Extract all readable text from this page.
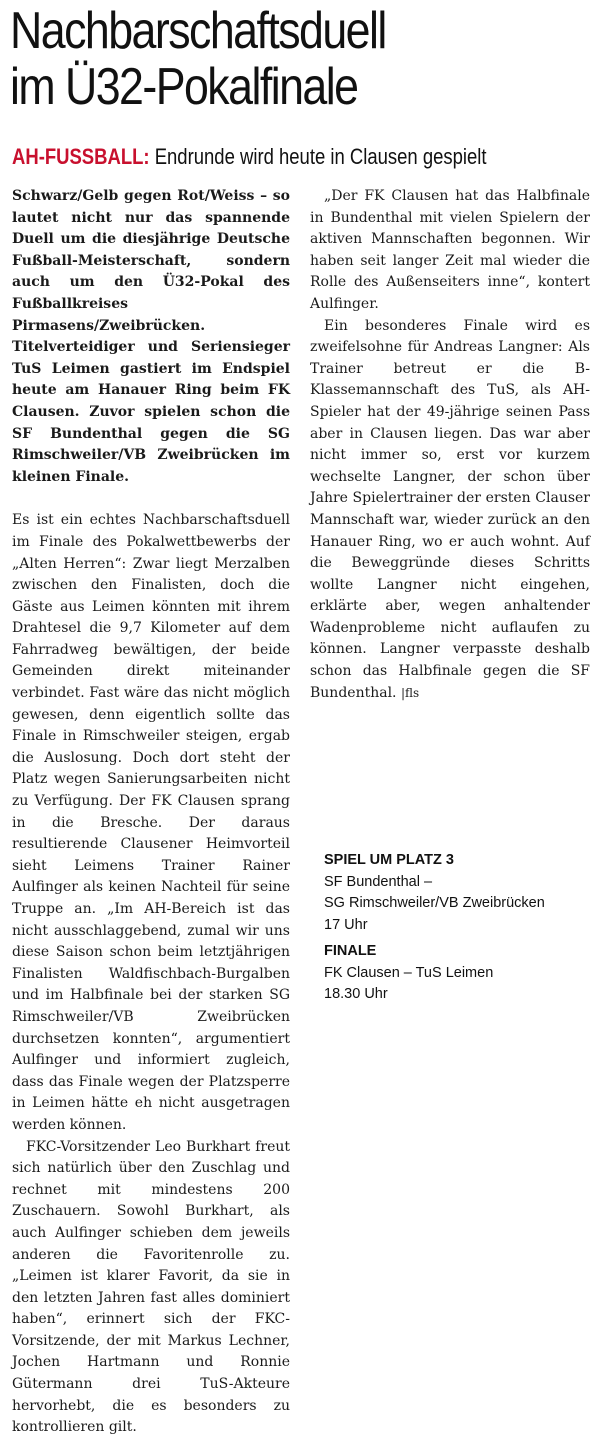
Nachbarschaftsduell
im Ü32-Pokalfinale
AH-FUSSBALL: Endrunde wird heute in Clausen gespielt

Schwarz/Gelb gegen Rot/Weiss – so lautet nicht nur das spannende Duell um die diesjährige Deutsche Fußball-Meisterschaft, sondern auch um den Ü32-Pokal des Fußballkreises Pirmasens/Zweibrücken. Titelverteidiger und Seriensieger TuS Leimen gastiert im Endspiel heute am Hanauer Ring beim FK Clausen. Zuvor spielen schon die SF Bundenthal gegen die SG Rimschweiler/VB Zweibrücken im kleinen Finale.

Es ist ein echtes Nachbarschaftsduell im Finale des Pokalwettbewerbs der „Alten Herren“: Zwar liegt Merzalben zwischen den Finalisten, doch die Gäste aus Leimen könnten mit ihrem Drahtesel die 9,7 Kilometer auf dem Fahrradweg bewältigen, der beide Gemeinden direkt miteinander verbindet. Fast wäre das nicht möglich gewesen, denn eigentlich sollte das Finale in Rimschweiler steigen, ergab die Auslosung. Doch dort steht der Platz wegen Sanierungsarbeiten nicht zu Verfügung. Der FK Clausen sprang in die Bresche. Der daraus resultierende Clausener Heimvorteil sieht Leimens Trainer Rainer Aulfinger als keinen Nachteil für seine Truppe an. „Im AH-Bereich ist das nicht ausschlaggebend, zumal wir uns diese Saison schon beim letztjährigen Finalisten Waldfischbach-Burgalben und im Halbfinale bei der starken SG Rimschweiler/VB Zweibrücken durchsetzen konnten“, argumentiert Aulfinger und informiert zugleich, dass das Finale wegen der Platzsperre in Leimen hätte eh nicht ausgetragen werden können.

FKC-Vorsitzender Leo Burkhart freut sich natürlich über den Zuschlag und rechnet mit mindestens 200 Zuschauern. Sowohl Burkhart, als auch Aulfinger schieben dem jeweils anderen die Favoritenrolle zu. „Leimen ist klarer Favorit, da sie in den letzten Jahren fast alles dominiert haben“, erinnert sich der FKC-Vorsitzende, der mit Markus Lechner, Jochen Hartmann und Ronnie Gütermann drei TuS-Akteure hervorhebt, die es besonders zu kontrollieren gilt.

„Der FK Clausen hat das Halbfinale in Bundenthal mit vielen Spielern der aktiven Mannschaften begonnen. Wir haben seit langer Zeit mal wieder die Rolle des Außenseiters inne“, kontert Aulfinger.

Ein besonderes Finale wird es zweifelsohne für Andreas Langner: Als Trainer betreut er die B-Klassemannschaft des TuS, als AH-Spieler hat der 49-jährige seinen Pass aber in Clausen liegen. Das war aber nicht immer so, erst vor kurzem wechselte Langner, der schon über Jahre Spielertrainer der ersten Clauser Mannschaft war, wieder zurück an den Hanauer Ring, wo er auch wohnt. Auf die Beweggründe dieses Schritts wollte Langner nicht eingehen, erklärte aber, wegen anhaltender Wadenprobleme nicht auflaufen zu können. Langner verpasste deshalb schon das Halbfinale gegen die SF Bundenthal. |fls

SPIEL UM PLATZ 3
SF Bundenthal –
SG Rimschweiler/VB Zweibrücken
17 Uhr
FINALE
FK Clausen – TuS Leimen
18.30 Uhr
